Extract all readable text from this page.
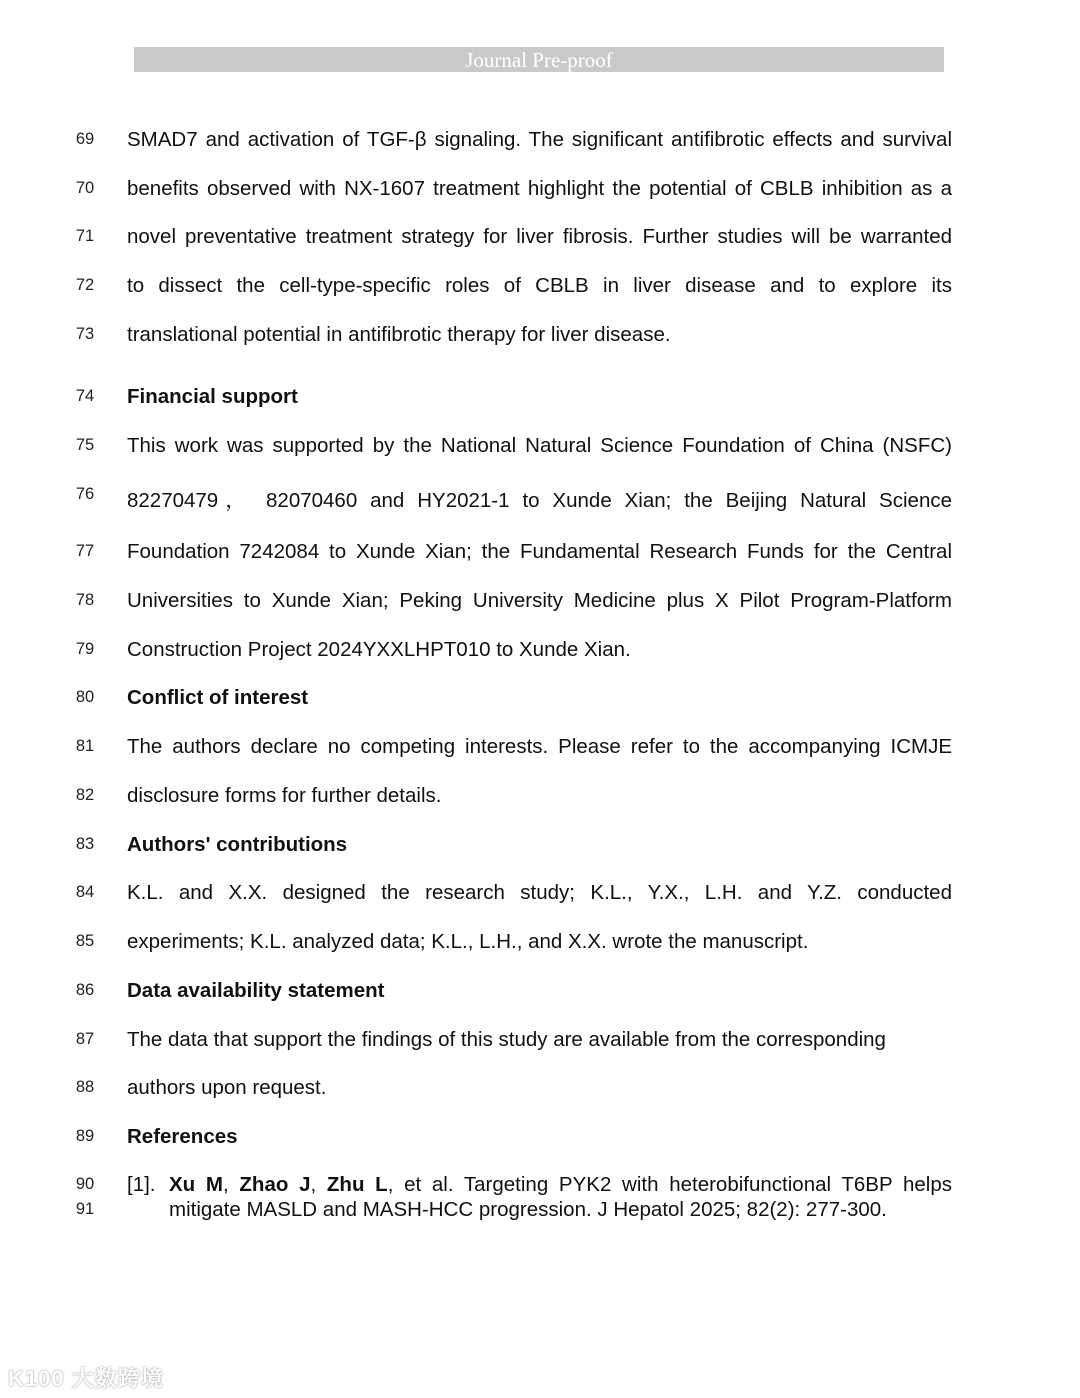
Journal Pre-proof
69	SMAD7 and activation of TGF-β signaling. The significant antifibrotic effects and survival
70	benefits observed with NX-1607 treatment highlight the potential of CBLB inhibition as a
71	novel preventative treatment strategy for liver fibrosis. Further studies will be warranted
72	to dissect the cell-type-specific roles of CBLB in liver disease and to explore its
73	translational potential in antifibrotic therapy for liver disease.
74	Financial support
75	This work was supported by the National Natural Science Foundation of China (NSFC)
76	82270479， 82070460 and HY2021-1 to Xunde Xian; the Beijing Natural Science
77	Foundation 7242084 to Xunde Xian; the Fundamental Research Funds for the Central
78	Universities to Xunde Xian; Peking University Medicine plus X Pilot Program-Platform
79	Construction Project 2024YXXLHPT010 to Xunde Xian.
80	Conflict of interest
81	The authors declare no competing interests. Please refer to the accompanying ICMJE
82	disclosure forms for further details.
83	Authors' contributions
84	K.L. and X.X. designed the research study; K.L., Y.X., L.H. and Y.Z. conducted
85	experiments; K.L. analyzed data; K.L., L.H., and X.X. wrote the manuscript.
86	Data availability statement
87	The data that support the findings of this study are available from the corresponding
88	authors upon request.
89	References
90	[1]. Xu M, Zhao J, Zhu L, et al. Targeting PYK2 with heterobifunctional T6BP helps
91	mitigate MASLD and MASH-HCC progression. J Hepatol 2025; 82(2): 277-300.
K100 大数跨境
